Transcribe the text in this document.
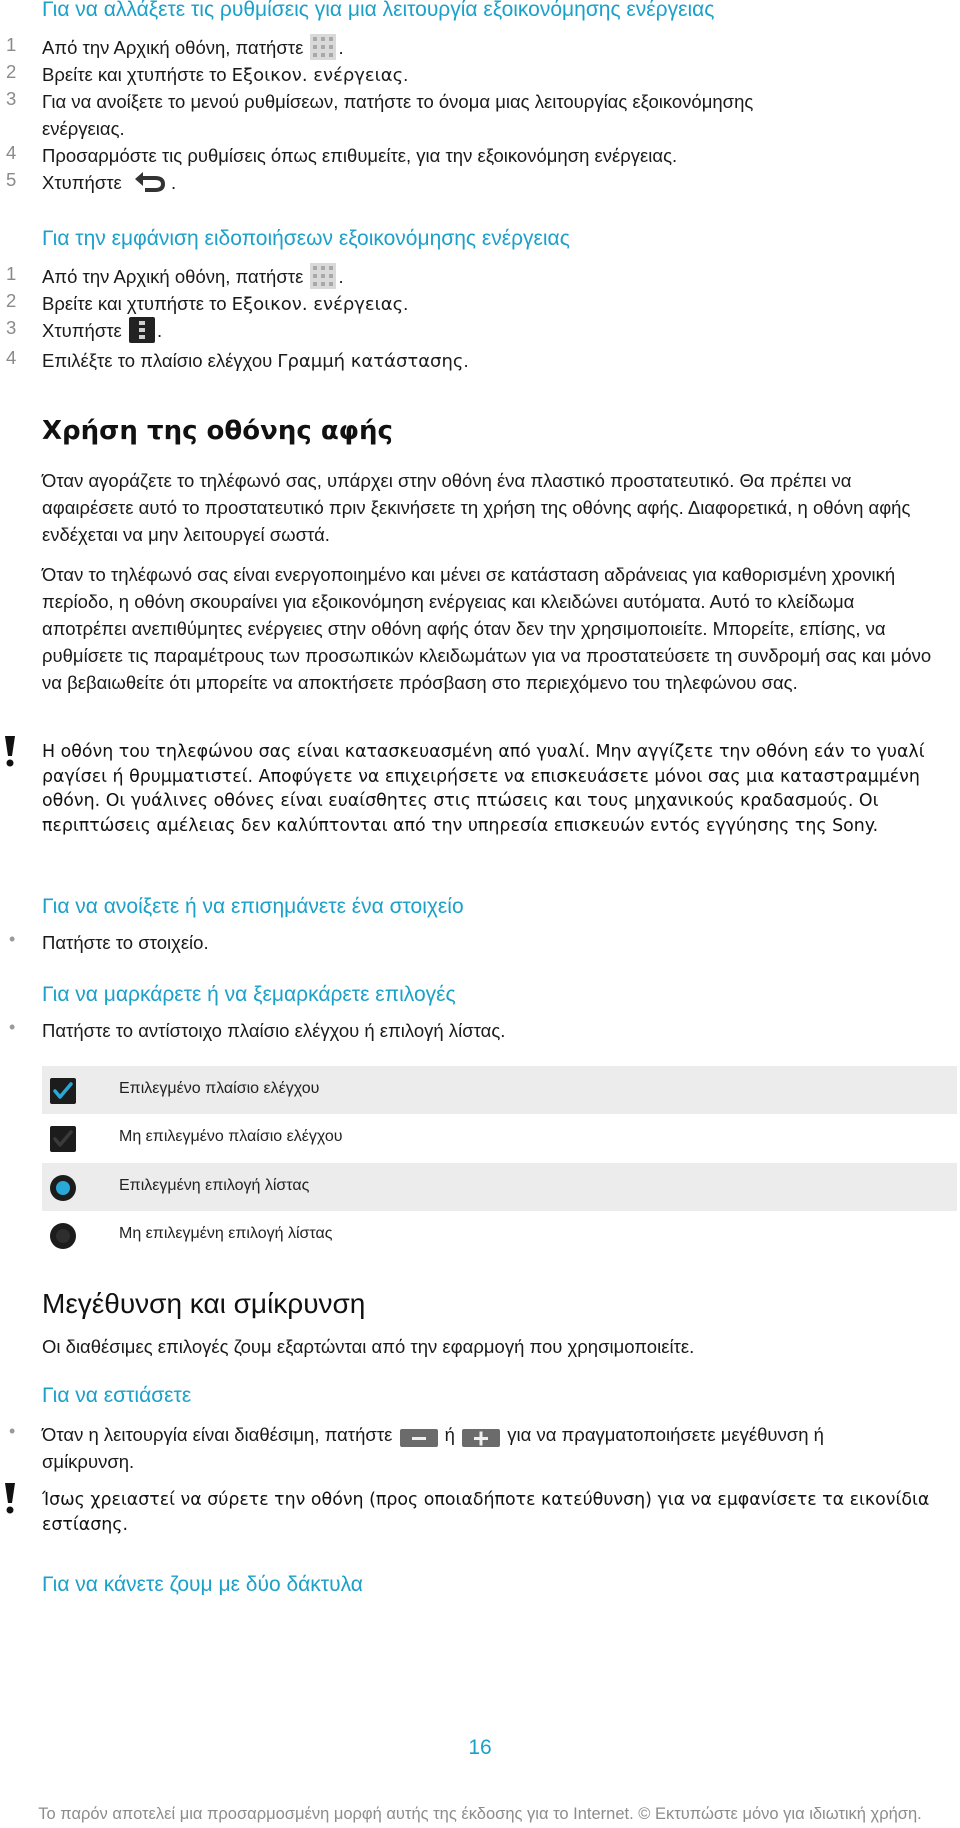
Για να αλλάξετε τις ρυθμίσεις για μια λειτουργία εξοικονόμησης ενέργειας
1	Από την Αρχική οθόνη, πατήστε .
2	Βρείτε και χτυπήστε το Εξοικον. ενέργειας.
3	Για να ανοίξετε το μενού ρυθμίσεων, πατήστε το όνομα μιας λειτουργίας εξοικονόμησης
ενέργειας.
4	Προσαρμόστε τις ρυθμίσεις όπως επιθυμείτε, για την εξοικονόμηση ενέργειας.
5	Χτυπήστε .
Για την εμφάνιση ειδοποιήσεων εξοικονόμησης ενέργειας
1	Από την Αρχική οθόνη, πατήστε .
2	Βρείτε και χτυπήστε το Εξοικον. ενέργειας.
3	Χτυπήστε .
4	Επιλέξτε το πλαίσιο ελέγχου Γραμμή κατάστασης.
Χρήση της οθόνης αφής

Όταν αγοράζετε το τηλέφωνό σας, υπάρχει στην οθόνη ένα πλαστικό προστατευτικό. Θα πρέπει να αφαιρέσετε αυτό το προστατευτικό πριν ξεκινήσετε τη χρήση της οθόνης αφής. Διαφορετικά, η οθόνη αφής ενδέχεται να μην λειτουργεί σωστά.

Όταν το τηλέφωνό σας είναι ενεργοποιημένο και μένει σε κατάσταση αδράνειας για καθορισμένη χρονική περίοδο, η οθόνη σκουραίνει για εξοικονόμηση ενέργειας και κλειδώνει αυτόματα. Αυτό το κλείδωμα αποτρέπει ανεπιθύμητες ενέργειες στην οθόνη αφής όταν δεν την χρησιμοποιείτε. Μπορείτε, επίσης, να ρυθμίσετε τις παραμέτρους των προσωπικών κλειδωμάτων για να προστατεύσετε τη συνδρομή σας και μόνο να βεβαιωθείτε ότι μπορείτε να αποκτήσετε πρόσβαση στο περιεχόμενο του τηλεφώνου σας.

Η οθόνη του τηλεφώνου σας είναι κατασκευασμένη από γυαλί. Μην αγγίζετε την οθόνη εάν το γυαλί ραγίσει ή θρυμματιστεί. Αποφύγετε να επιχειρήσετε να επισκευάσετε μόνοι σας μια καταστραμμένη οθόνη. Οι γυάλινες οθόνες είναι ευαίσθητες στις πτώσεις και τους μηχανικούς κραδασμούς. Οι περιπτώσεις αμέλειας δεν καλύπτονται από την υπηρεσία επισκευών εντός εγγύησης της Sony.

Για να ανοίξετε ή να επισημάνετε ένα στοιχείο
• Πατήστε το στοιχείο.
Για να μαρκάρετε ή να ξεμαρκάρετε επιλογές
• Πατήστε το αντίστοιχο πλαίσιο ελέγχου ή επιλογή λίστας.
Επιλεγμένο πλαίσιο ελέγχου
Μη επιλεγμένο πλαίσιο ελέγχου
Επιλεγμένη επιλογή λίστας
Μη επιλεγμένη επιλογή λίστας
Μεγέθυνση και σμίκρυνση

Οι διαθέσιμες επιλογές ζουμ εξαρτώνται από την εφαρμογή που χρησιμοποιείτε.

Για να εστιάσετε
• Όταν η λειτουργία είναι διαθέσιμη, πατήστε  ή  για να πραγματοποιήσετε μεγέθυνση ή
σμίκρυνση.

Ίσως χρειαστεί να σύρετε την οθόνη (προς οποιαδήποτε κατεύθυνση) για να εμφανίσετε τα εικονίδια εστίασης.

Για να κάνετε ζουμ με δύο δάκτυλα
16
Το παρόν αποτελεί μια προσαρμοσμένη μορφή αυτής της έκδοσης για το Internet. © Εκτυπώστε μόνο για ιδιωτική χρήση.
